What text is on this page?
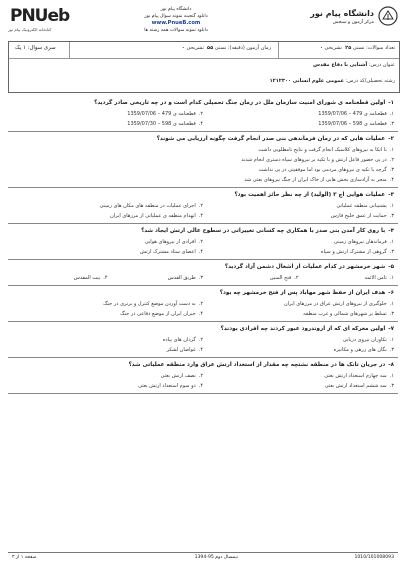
PNUeb
کتابخانه الکترونیک پیام نور
دانشگاه پیام نور
دانلود گنجینه نمونه سوال پیام نور
www.PnueB.com
دانلود نمونه سوالات همه رشته ها
دانشگاه پیام نور
مرکز آزمون و سنجش
تعداد سوالات: تستی ۲۵  تشریحی ۰
زمان آزمون (دقیقه): تستی ۵۵  تشریحی ۰
سری سوال: ۱ یک
عنوان درس: آشنایی با دفاع مقدس
رشته تحصیلی/کد درس: عمومی علوم انسانی ۱۲۱۲۳۰۰
۱-اولین قطعنامه ی شورای امنیت سازمان ملل در زمان جنگ تحمیلی کدام است و در چه تاریخی صادر گردید؟
۱.قطعنامه ی 479 – 1359/07/06
۲.قطعنامه ی 479 – 1359/07/06
۳.قطعنامه ی 598 – 1359/07/06
۴.قطعنامه ی 598 – 1359/07/30
۲-عملیات هایی که در زمان فرماندهی بنی صدر انجام گرفت چگونه ارزیابی می شوند؟
۱.با اتکا به نیروهای کلاسیک انجام گرفت و نتایج نامطلوبی داشت
۲.در پی حضور فاعل ارتش و با تکیه بر نیروهای سپاه دستری انجام شدند
۳.گرچه با تکیه ی نیروهای مردمی بود اما موفقیتی در پی نداشت
۴.منجر به آزادسازی بخش هایی از خاک ایران از چنگ نیروهای بعثی شد
۳-عملیات هوایی اچ ۳ (الولید) از چه نظر حائز اهمیت بود؟
۱.پشتیبانی منطقه عملیاتی
۲.اجرای عملیات در منطقه های مکان های زمینی
۳.حمایت از عمق خلیج فارس
۴.انهدام منطقه ی عملیاتی از مرزهای ایران
۴-با روی کار آمدن بنی صدر با همکاری چه کسانی تغییراتی در سطوح عالی ارتش ایجاد شد؟
۱.فرماندهان نیروهای زمینی
۲.افرادی از نیروهای هوایی
۳.گروهی از مشترک ارتش و سپاه
۴.اعضای ستاد مشترک ارتش
۵-شهر خرمشهر در کدام عملیات از اشغال دشمن آزاد گردید؟
۱.ثامن الائمه
۲.فتح المبین
۳.طریق القدس
۴.بیت المقدس
۶-هدف ایران از حفظ شهر مهاباد پس از فتح خرمشهر چه بود؟
۱.جلوگیری از نیروهای ارتش عراق در مرزهای ایران
۲.به دست آوردن موضع کنترل و برتری در جنگ
۳.تسلط بر شهرهای شمالی و غرب منطقه
۴.جبران ایران از موضع دفاعی در جنگ
۷-اولین معرکه ای که از اروندرود عبور کردند چه افرادی بودند؟
۱.تکاوران نیروی دریایی
۲.گردان های پیاده
۳.نگان های زرهی و مکانیزه
۴.غواصان لشکر
۸-در جریان تانک ها در منطقه نشتچه چه مقدار از استعداد ارتش عراق وارد منطقه عملیاتی شد؟
۱.سه چهارم استعداد ارتش بعثی
۲.نصف ارتش بعثی
۳.سه ششم استعداد ارتش بعثی
۴.دو سوم استعداد ارتش بعثی
1010/101008093
نیمسال دوم 95-1394
صفحه ۱ از ۳
